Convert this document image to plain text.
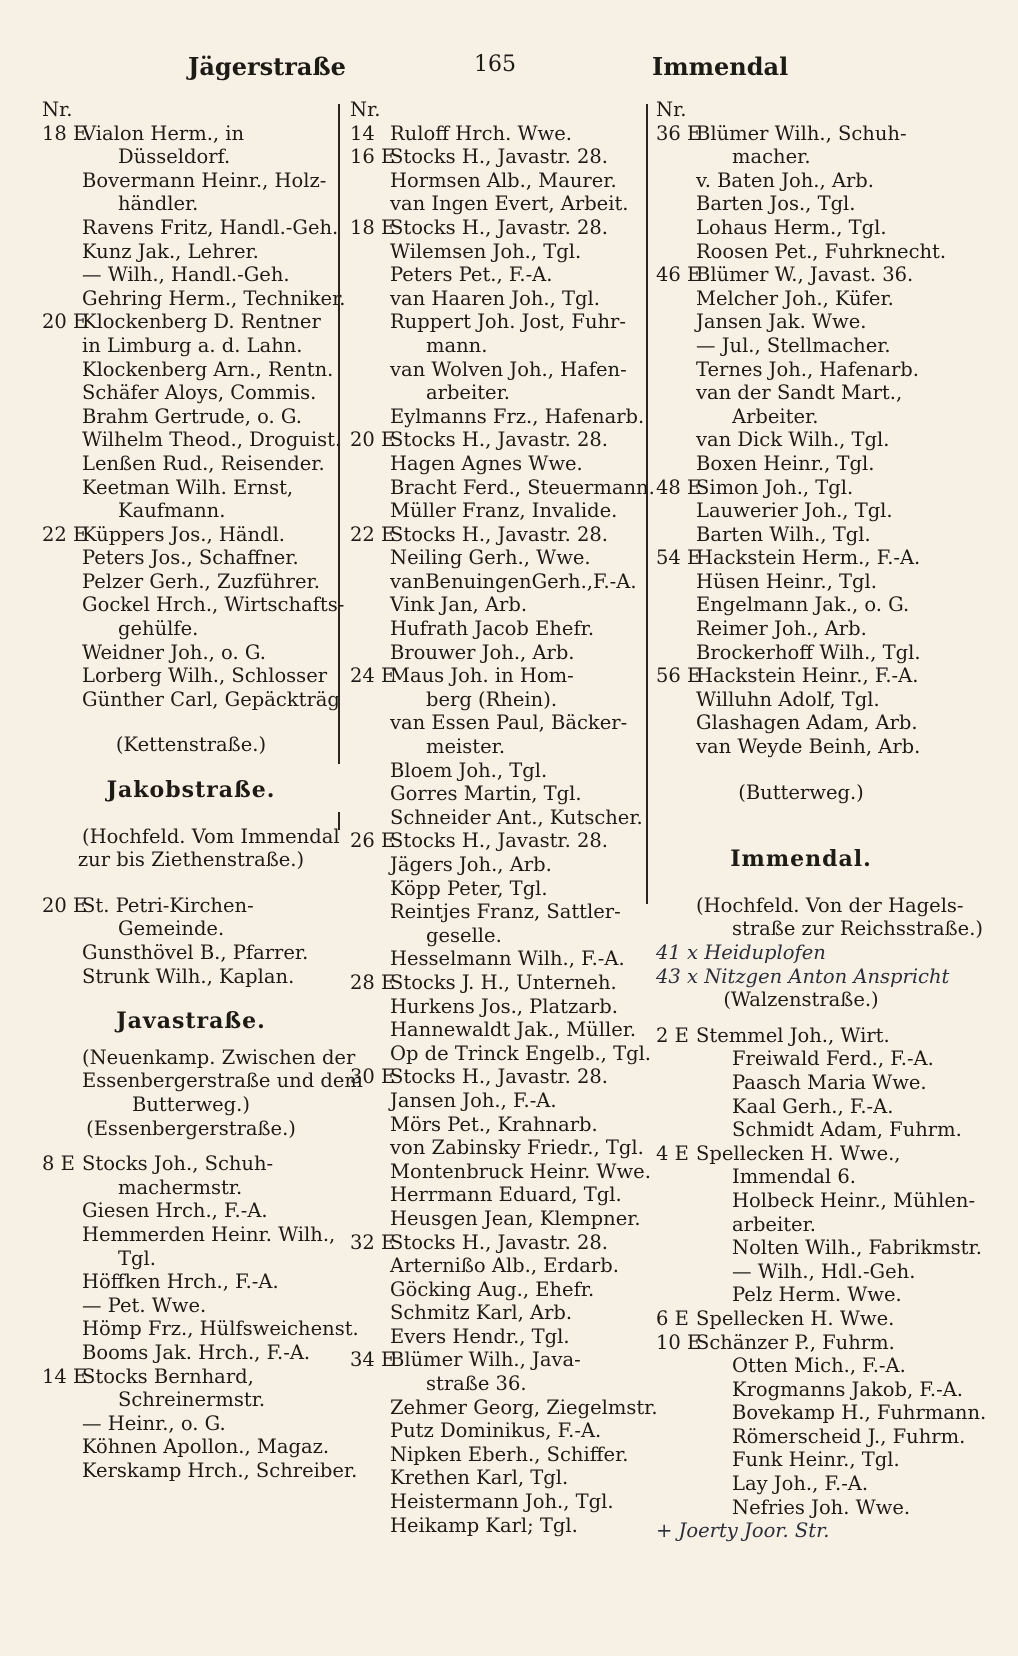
Jägerstraße	165	Immendal
Nr.
18 E
Vialon Herm., in
Düsseldorf.
Bovermann Heinr., Holz-
händler.
Ravens Fritz, Handl.-Geh.
Kunz Jak., Lehrer.
— Wilh., Handl.-Geh.
Gehring Herm., Techniker.
20 E
Klockenberg D. Rentner
in Limburg a. d. Lahn.
Klockenberg Arn., Rentn.
Schäfer Aloys, Commis.
Brahm Gertrude, o. G.
Wilhelm Theod., Droguist.
Lenßen Rud., Reisender.
Keetman Wilh. Ernst,
Kaufmann.
22 E
Küppers Jos., Händl.
Peters Jos., Schaffner.
Pelzer Gerh., Zuzführer.
Gockel Hrch., Wirtschafts-
gehülfe.
Weidner Joh., o. G.
Lorberg Wilh., Schlosser
Günther Carl, Gepäckträg
(Kettenstraße.)
Jakobstraße.
(Hochfeld. Vom Immendal
zur bis Ziethenstraße.)
20 E
St. Petri-Kirchen-
Gemeinde.
Gunsthövel B., Pfarrer.
Strunk Wilh., Kaplan.
Javastraße.
(Neuenkamp. Zwischen der
Essenbergerstraße und dem
Butterweg.)
(Essenbergerstraße.)
8 E Stocks Joh., Schuh-
machermstr.
Giesen Hrch., F.-A.
Hemmerden Heinr. Wilh.,
Tgl.
Höffken Hrch., F.-A.
— Pet. Wwe.
Hömp Frz., Hülfsweichenst.
Booms Jak. Hrch., F.-A.
14 E
Stocks Bernhard,
Schreinermstr.
— Heinr., o. G.
Köhnen Apollon., Magaz.
Kerskamp Hrch., Schreiber.
Nr.
14 Ruloff Hrch. Wwe.
16 E
Stocks H., Javastr. 28.
Hormsen Alb., Maurer.
van Ingen Evert, Arbeit.
18 E
Stocks H., Javastr. 28.
Wilemsen Joh., Tgl.
Peters Pet., F.-A.
van Haaren Joh., Tgl.
Ruppert Joh. Jost, Fuhr-
mann.
van Wolven Joh., Hafen-
arbeiter.
Eylmanns Frz., Hafenarb.
20 E
Stocks H., Javastr. 28.
Hagen Agnes Wwe.
Bracht Ferd., Steuermann.
Müller Franz, Invalide.
22 E
Stocks H., Javastr. 28.
Neiling Gerh., Wwe.
vanBenuingenGerh.,F.-A.
Vink Jan, Arb.
Hufrath Jacob Ehefr.
Brouwer Joh., Arb.
24 E
Maus Joh. in Hom-
berg (Rhein).
van Essen Paul, Bäcker-
meister.
Bloem Joh., Tgl.
Gorres Martin, Tgl.
Schneider Ant., Kutscher.
26 E
Stocks H., Javastr. 28.
Jägers Joh., Arb.
Köpp Peter, Tgl.
Reintjes Franz, Sattler-
geselle.
Hesselmann Wilh., F.-A.
28 E
Stocks J. H., Unterneh.
Hurkens Jos., Platzarb.
Hannewaldt Jak., Müller.
Op de Trinck Engelb., Tgl.
30 E
Stocks H., Javastr. 28.
Jansen Joh., F.-A.
Mörs Pet., Krahnarb.
von Zabinsky Friedr., Tgl.
Montenbruck Heinr. Wwe.
Herrmann Eduard, Tgl.
Heusgen Jean, Klempner.
32 E
Stocks H., Javastr. 28.
Arternißo Alb., Erdarb.
Göcking Aug., Ehefr.
Schmitz Karl, Arb.
Evers Hendr., Tgl.
34 E
Blümer Wilh., Java-
straße 36.
Zehmer Georg, Ziegelmstr.
Putz Dominikus, F.-A.
Nipken Eberh., Schiffer.
Krethen Karl, Tgl.
Heistermann Joh., Tgl.
Heikamp Karl; Tgl.
Nr.
36 E
Blümer Wilh., Schuh-
macher.
v. Baten Joh., Arb.
Barten Jos., Tgl.
Lohaus Herm., Tgl.
Roosen Pet., Fuhrknecht.
46 E
Blümer W., Javast. 36.
Melcher Joh., Küfer.
Jansen Jak. Wwe.
— Jul., Stellmacher.
Ternes Joh., Hafenarb.
van der Sandt Mart.,
Arbeiter.
van Dick Wilh., Tgl.
Boxen Heinr., Tgl.
48 E
Simon Joh., Tgl.
Lauwerier Joh., Tgl.
Barten Wilh., Tgl.
54 E
Hackstein Herm., F.-A.
Hüsen Heinr., Tgl.
Engelmann Jak., o. G.
Reimer Joh., Arb.
Brockerhoff Wilh., Tgl.
56 E
Hackstein Heinr., F.-A.
Willuhn Adolf, Tgl.
Glashagen Adam, Arb.
van Weyde Beinh, Arb.
(Butterweg.)
Immendal.
(Hochfeld. Von der Hagels-
straße zur Reichsstraße.)
41 x Heiduplofen
43 x Nitzgen Anton Anspricht
(Walzenstraße.)
2 E Stemmel Joh., Wirt.
Freiwald Ferd., F.-A.
Paasch Maria Wwe.
Kaal Gerh., F.-A.
Schmidt Adam, Fuhrm.
4 E Spellecken H. Wwe.,
Immendal 6.
Holbeck Heinr., Mühlen-
arbeiter.
Nolten Wilh., Fabrikmstr.
— Wilh., Hdl.-Geh.
Pelz Herm. Wwe.
6 E Spellecken H. Wwe.
10 E
Schänzer P., Fuhrm.
Otten Mich., F.-A.
Krogmanns Jakob, F.-A.
Bovekamp H., Fuhrmann.
Römerscheid J., Fuhrm.
Funk Heinr., Tgl.
Lay Joh., F.-A.
Nefries Joh. Wwe.
+ Joerty Joor. Str.
